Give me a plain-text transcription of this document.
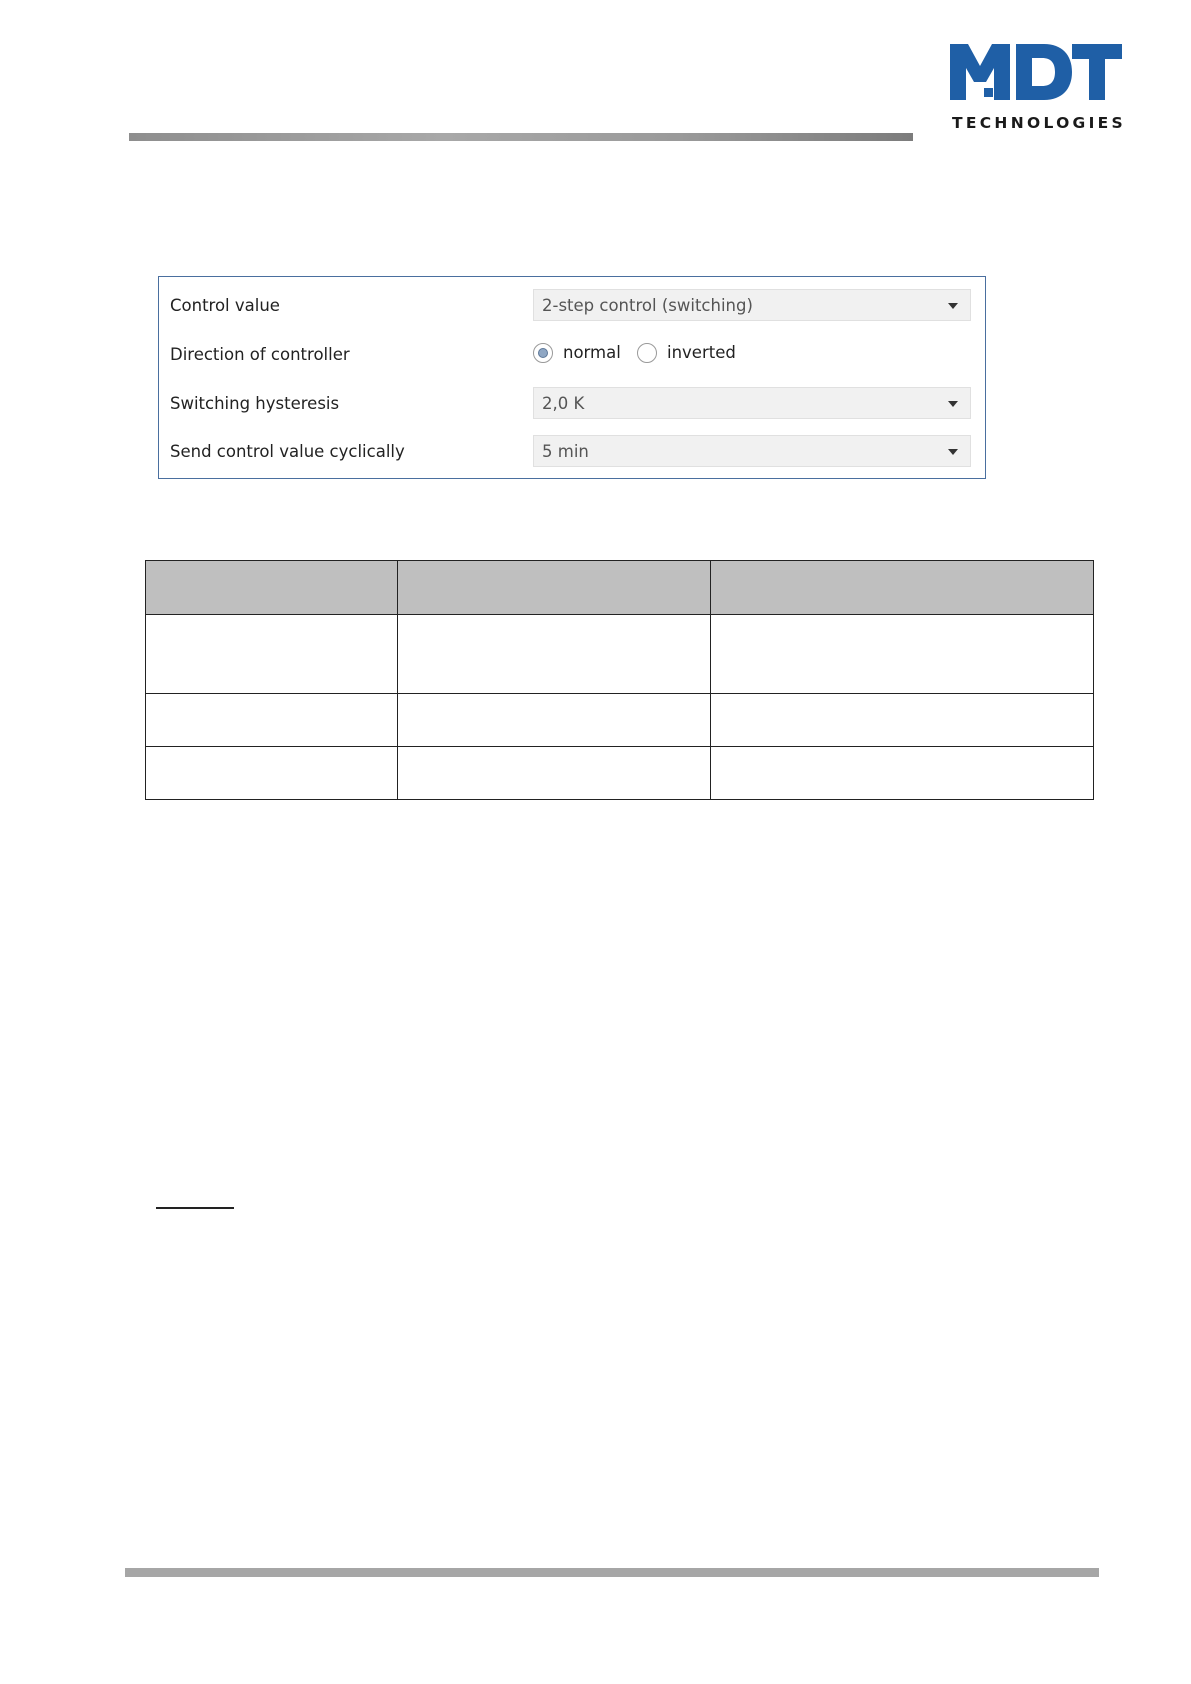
TECHNOLOGIES
Control value	2-step control (switching)
Direction of controller	normal	inverted
Switching hysteresis	2,0 K
Send control value cyclically	5 min
